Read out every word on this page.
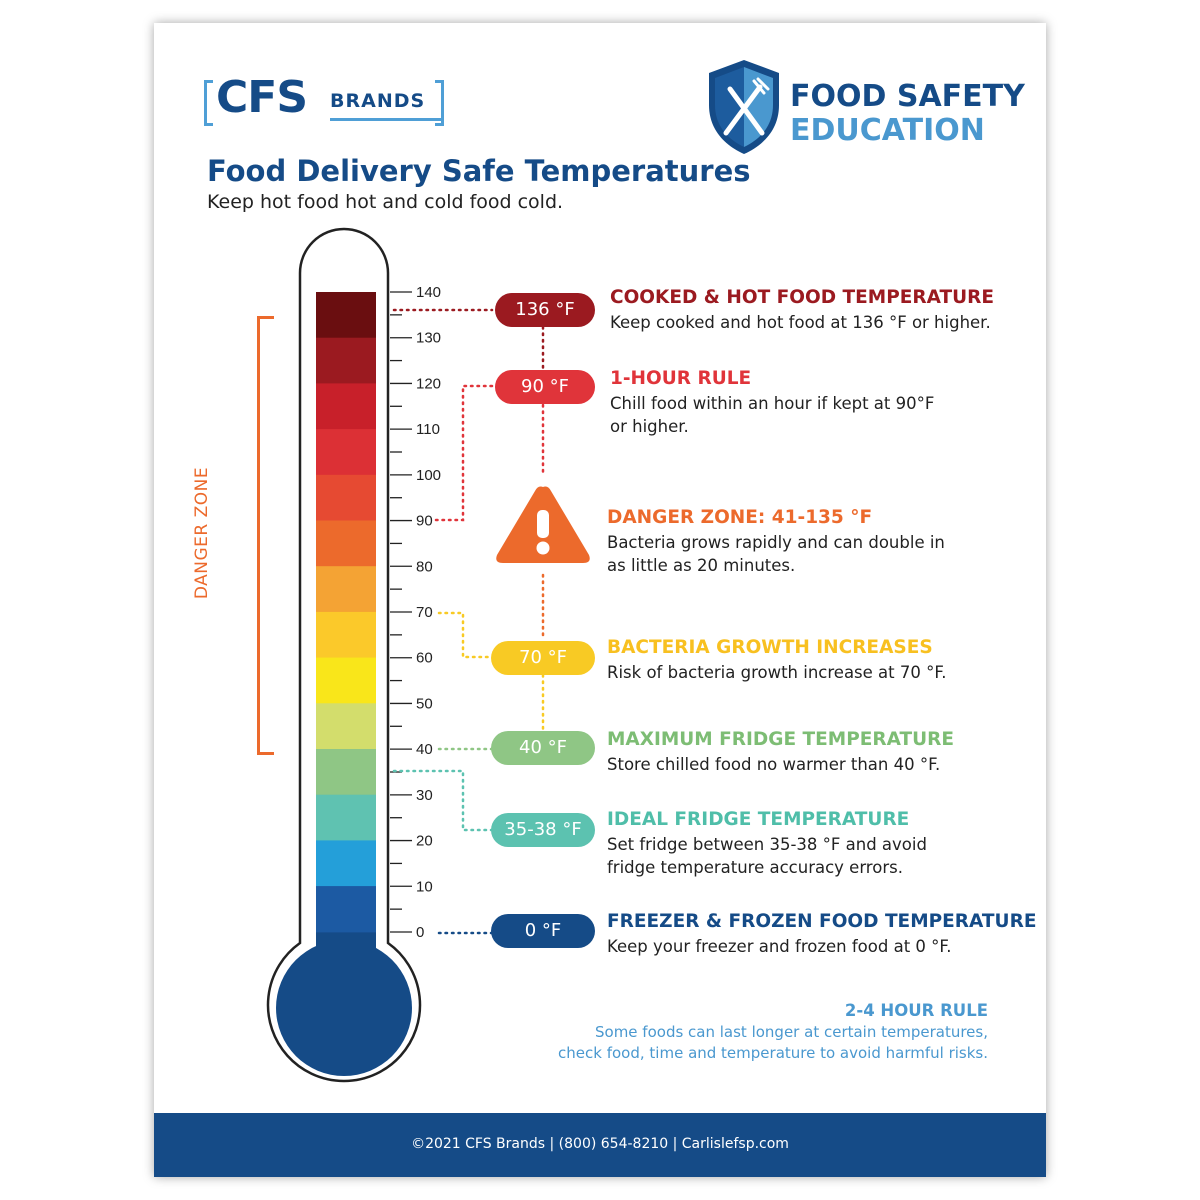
CFS BRANDS	FOOD SAFETY
EDUCATION
Food Delivery Safe Temperatures
Keep hot food hot and cold food cold.
DANGER ZONE
140
130
120
110
100
90
80
70
60
50
40
30
20
10
0
136 °F
COOKED & HOT FOOD TEMPERATURE
Keep cooked and hot food at 136 °F or higher.
90 °F	1-HOUR RULE
Chill food within an hour if kept at 90°F
or higher.
DANGER ZONE: 41-135 °F
Bacteria grows rapidly and can double in
as little as 20 minutes.
70 °F	BACTERIA GROWTH INCREASES
Risk of bacteria growth increase at 70 °F.
40 °F	MAXIMUM FRIDGE TEMPERATURE
Store chilled food no warmer than 40 °F.
35-38 °F	IDEAL FRIDGE TEMPERATURE
Set fridge between 35-38 °F and avoid
fridge temperature accuracy errors.
0 °F	FREEZER & FROZEN FOOD TEMPERATURE
Keep your freezer and frozen food at 0 °F.
2-4 HOUR RULE
Some foods can last longer at certain temperatures,
check food, time and temperature to avoid harmful risks.
©2021 CFS Brands | (800) 654-8210 | Carlislefsp.com
